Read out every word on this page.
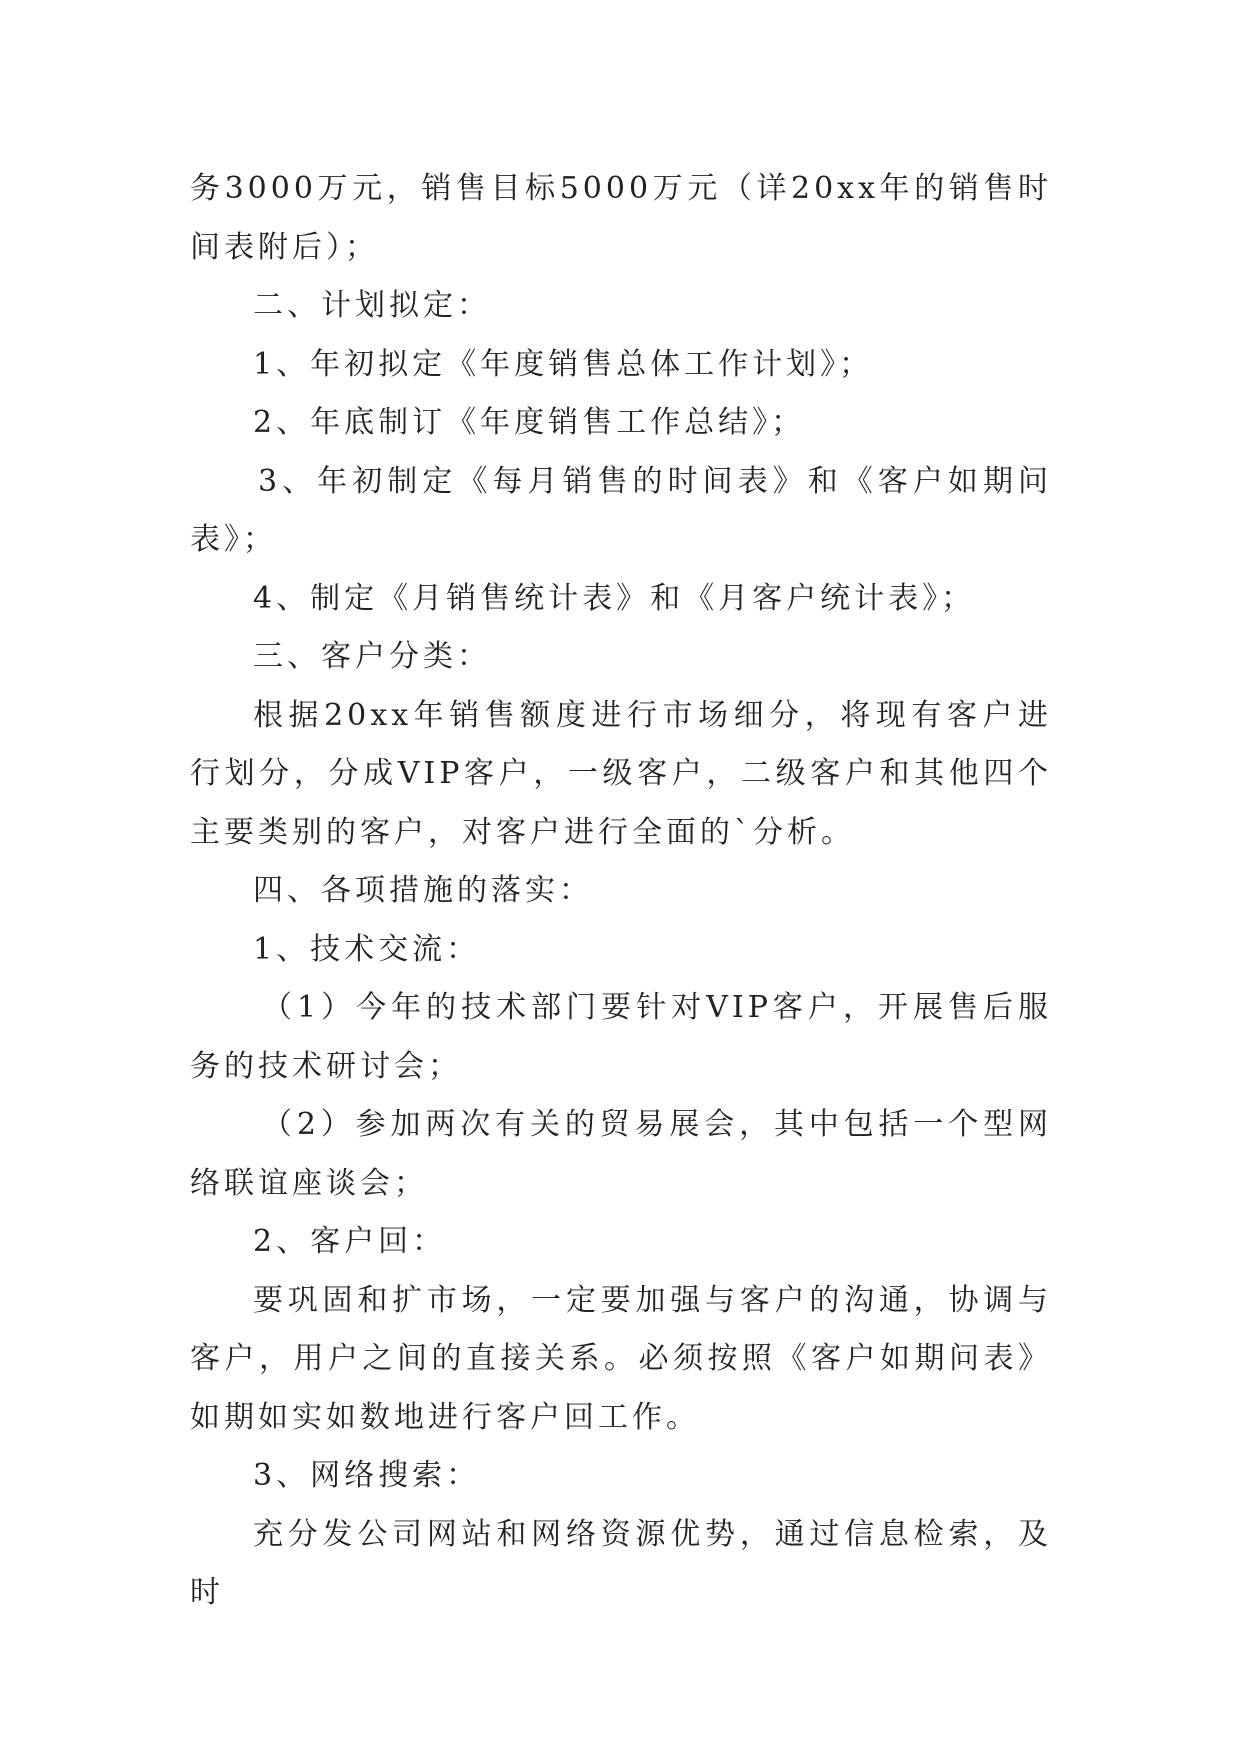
务3000万元，销售目标5000万元（详20xx年的销售时间表附后）；

二、计划拟定：

1、年初拟定《年度销售总体工作计划》；

2、年底制订《年度销售工作总结》；

3、年初制定《每月销售的时间表》和《客户如期问表》；

4、制定《月销售统计表》和《月客户统计表》；

三、客户分类：

根据20xx年销售额度进行市场细分，将现有客户进行划分，分成VIP客户，一级客户，二级客户和其他四个主要类别的客户，对客户进行全面的`分析。

四、各项措施的落实：

1、技术交流：

（1）今年的技术部门要针对VIP客户，开展售后服务的技术研讨会；

（2）参加两次有关的贸易展会，其中包括一个型网络联谊座谈会；

2、客户回：

要巩固和扩市场，一定要加强与客户的沟通，协调与客户，用户之间的直接关系。必须按照《客户如期问表》如期如实如数地进行客户回工作。

3、网络搜索：

充分发公司网站和网络资源优势，通过信息检索，及时
